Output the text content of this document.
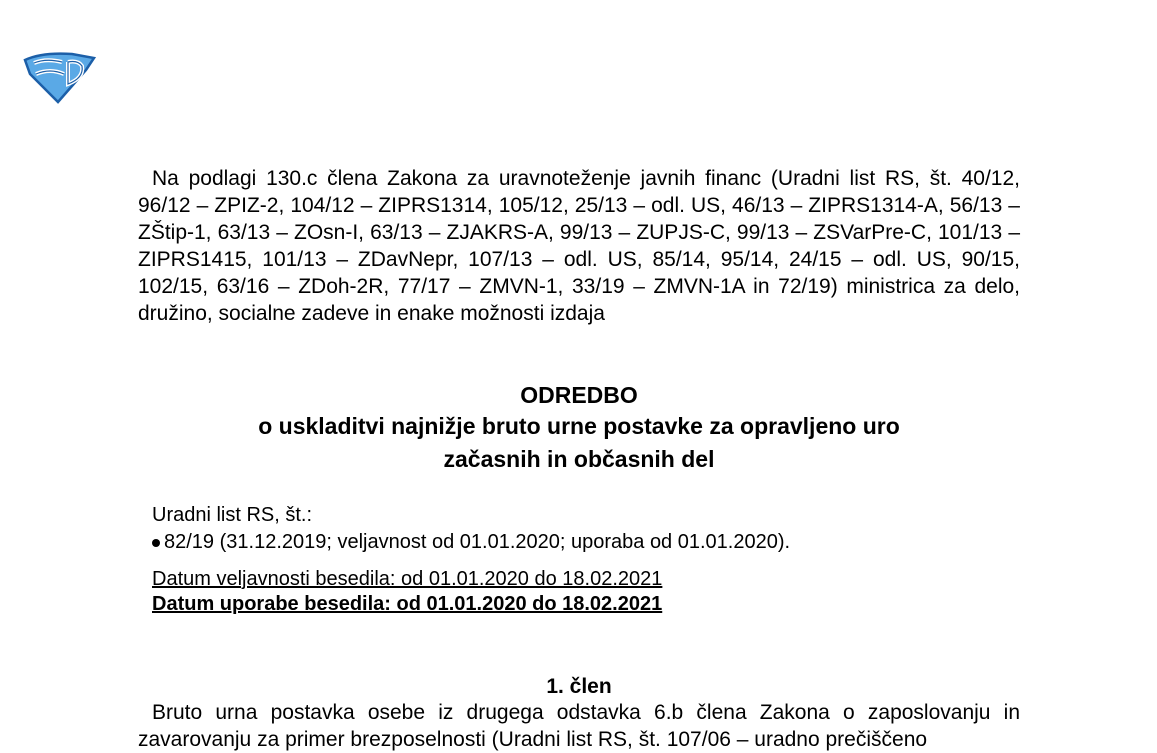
Na podlagi 130.c člena Zakona za uravnoteženje javnih financ (Uradni list RS, št. 40/12, 96/12 – ZPIZ-2, 104/12 – ZIPRS1314, 105/12, 25/13 – odl. US, 46/13 – ZIPRS1314-A, 56/13 – ZŠtip-1, 63/13 – ZOsn-I, 63/13 – ZJAKRS-A, 99/13 – ZUPJS-C, 99/13 – ZSVarPre-C, 101/13 – ZIPRS1415, 101/13 – ZDavNepr, 107/13 – odl. US, 85/14, 95/14, 24/15 – odl. US, 90/15, 102/15, 63/16 – ZDoh-2R, 77/17 – ZMVN-1, 33/19 – ZMVN-1A in 72/19) ministrica za delo, družino, socialne zadeve in enake možnosti izdaja
ODREDBO
o uskladitvi najnižje bruto urne postavke za opravljeno uro
začasnih in občasnih del
Uradni list RS, št.:
82/19 (31.12.2019; veljavnost od 01.01.2020; uporaba od 01.01.2020).
Datum veljavnosti besedila: od 01.01.2020 do 18.02.2021
Datum uporabe besedila: od 01.01.2020 do 18.02.2021
1. člen
Bruto urna postavka osebe iz drugega odstavka 6.b člena Zakona o zaposlovanju in zavarovanju za primer brezposelnosti (Uradni list RS, št. 107/06 – uradno prečiščeno
